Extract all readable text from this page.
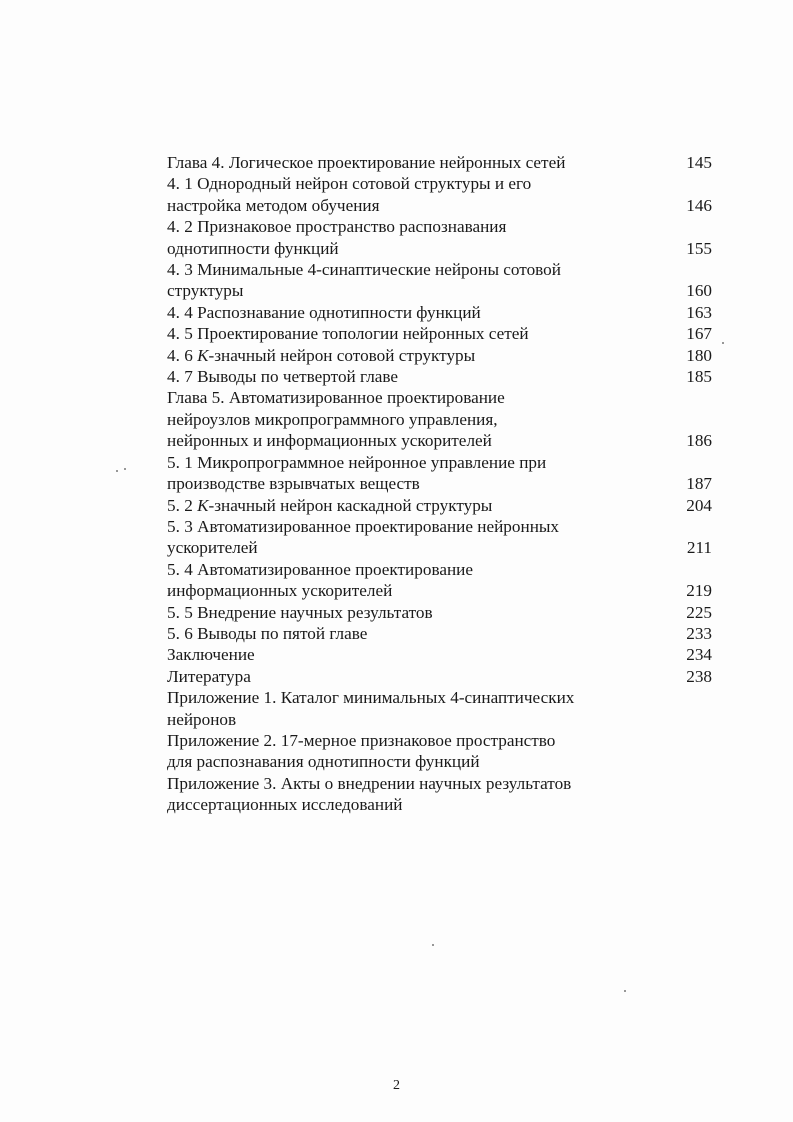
Глава 4. Логическое проектирование нейронных сетей	145
4. 1 Однородный нейрон сотовой структуры и его
настройка методом обучения	146
4. 2 Признаковое пространство распознавания
однотипности функций	155
4. 3 Минимальные 4-синаптические нейроны сотовой
структуры	160
4. 4 Распознавание однотипности функций	163
4. 5 Проектирование топологии нейронных сетей	167
4. 6 K-значный нейрон сотовой структуры	180
4. 7 Выводы по четвертой главе	185
Глава 5. Автоматизированное проектирование
нейроузлов микропрограммного управления,
нейронных и информационных ускорителей	186
5. 1 Микропрограммное нейронное управление при
производстве взрывчатых веществ	187
5. 2 K-значный нейрон каскадной структуры	204
5. 3 Автоматизированное проектирование нейронных
ускорителей	211
5. 4 Автоматизированное проектирование
информационных ускорителей	219
5. 5 Внедрение научных результатов	225
5. 6 Выводы по пятой главе	233
Заключение	234
Литература	238
Приложение 1. Каталог минимальных 4-синаптических
нейронов
Приложение 2. 17-мерное признаковое пространство
для распознавания однотипности функций
Приложение 3. Акты о внедрении научных результатов
диссертационных исследований
2
